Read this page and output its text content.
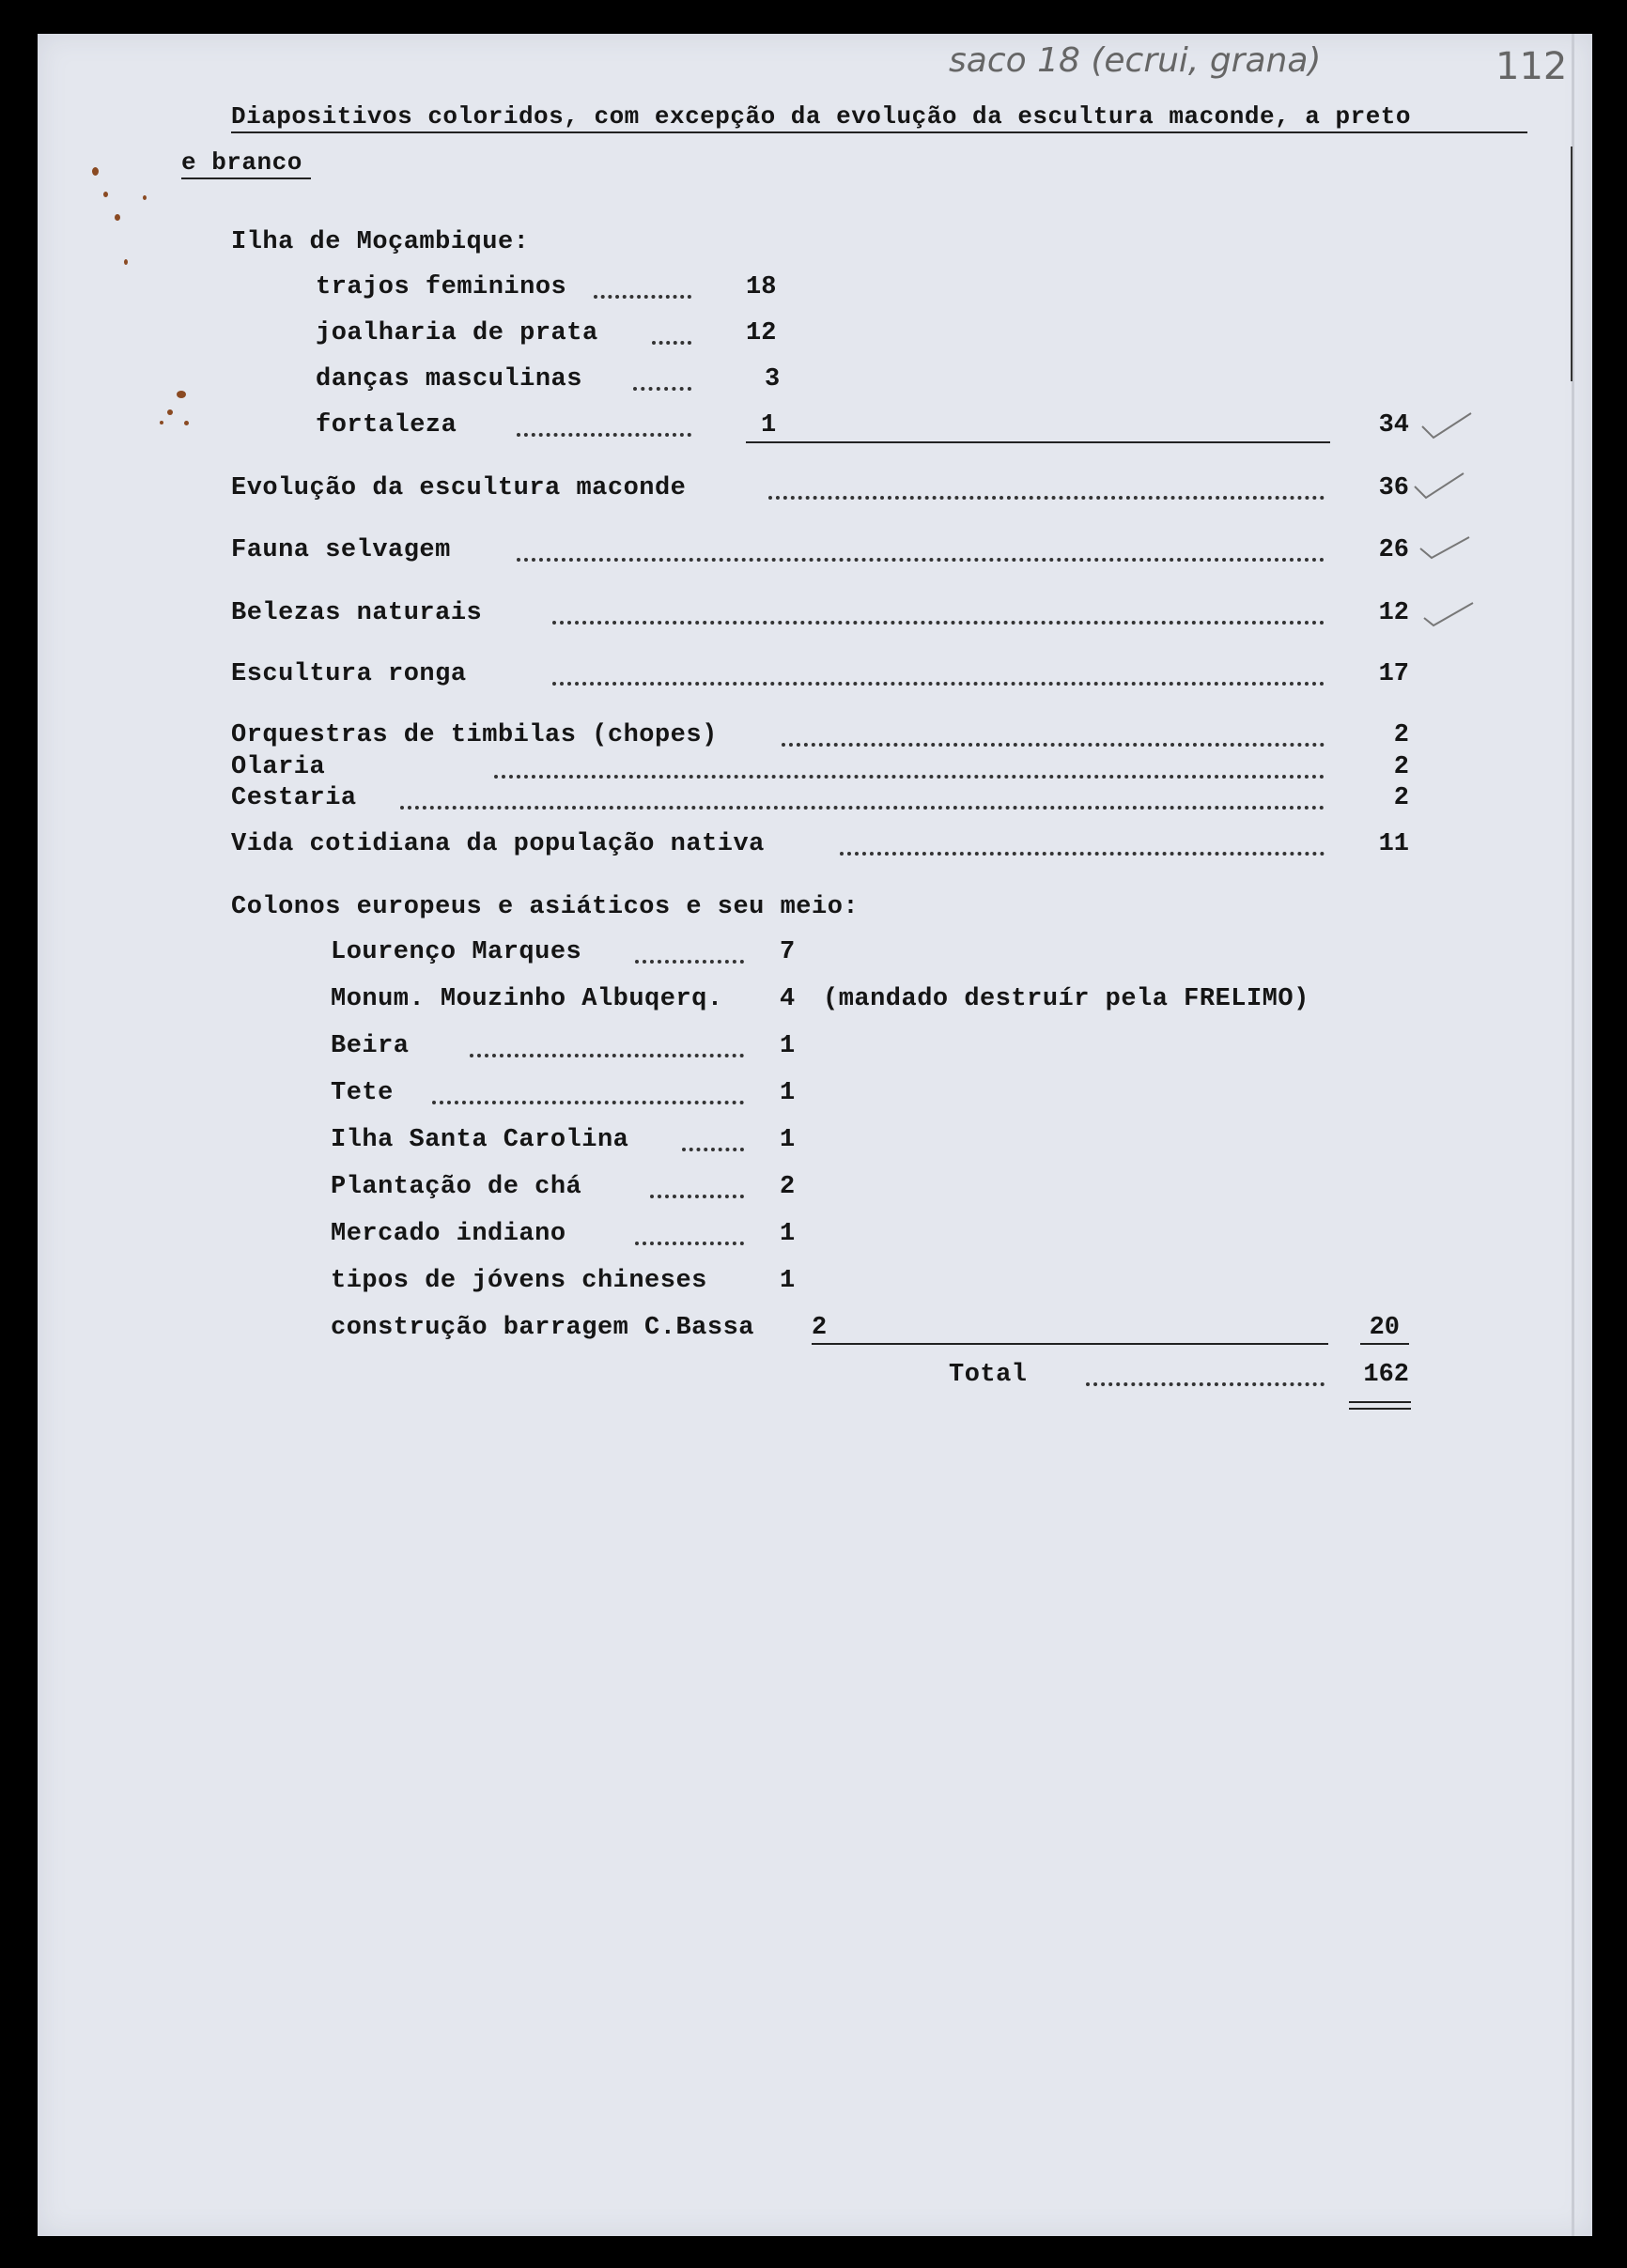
saco 18 (ecrui, grana)	112
Diapositivos coloridos, com excepção da evolução da escultura maconde, a preto
e branco
Ilha de Moçambique:
trajos femininos	18
joalharia de prata	12
danças masculinas	3
fortaleza	1	34
Evolução da escultura maconde	36
Fauna selvagem	26
Belezas naturais	12
Escultura ronga	17
Orquestras de timbilas (chopes)	2
Olaria	2
Cestaria	2
Vida cotidiana da população nativa	11
Colonos europeus e asiáticos e seu meio:
Lourenço Marques	7
Monum. Mouzinho Albuqerq. 4 (mandado destruír pela FRELIMO)
Beira	1
Tete	1
Ilha Santa Carolina	1
Plantação de chá	2
Mercado indiano	1
tipos de jóvens chineses	1
construção barragem C.Bassa 2	20
Total	162
